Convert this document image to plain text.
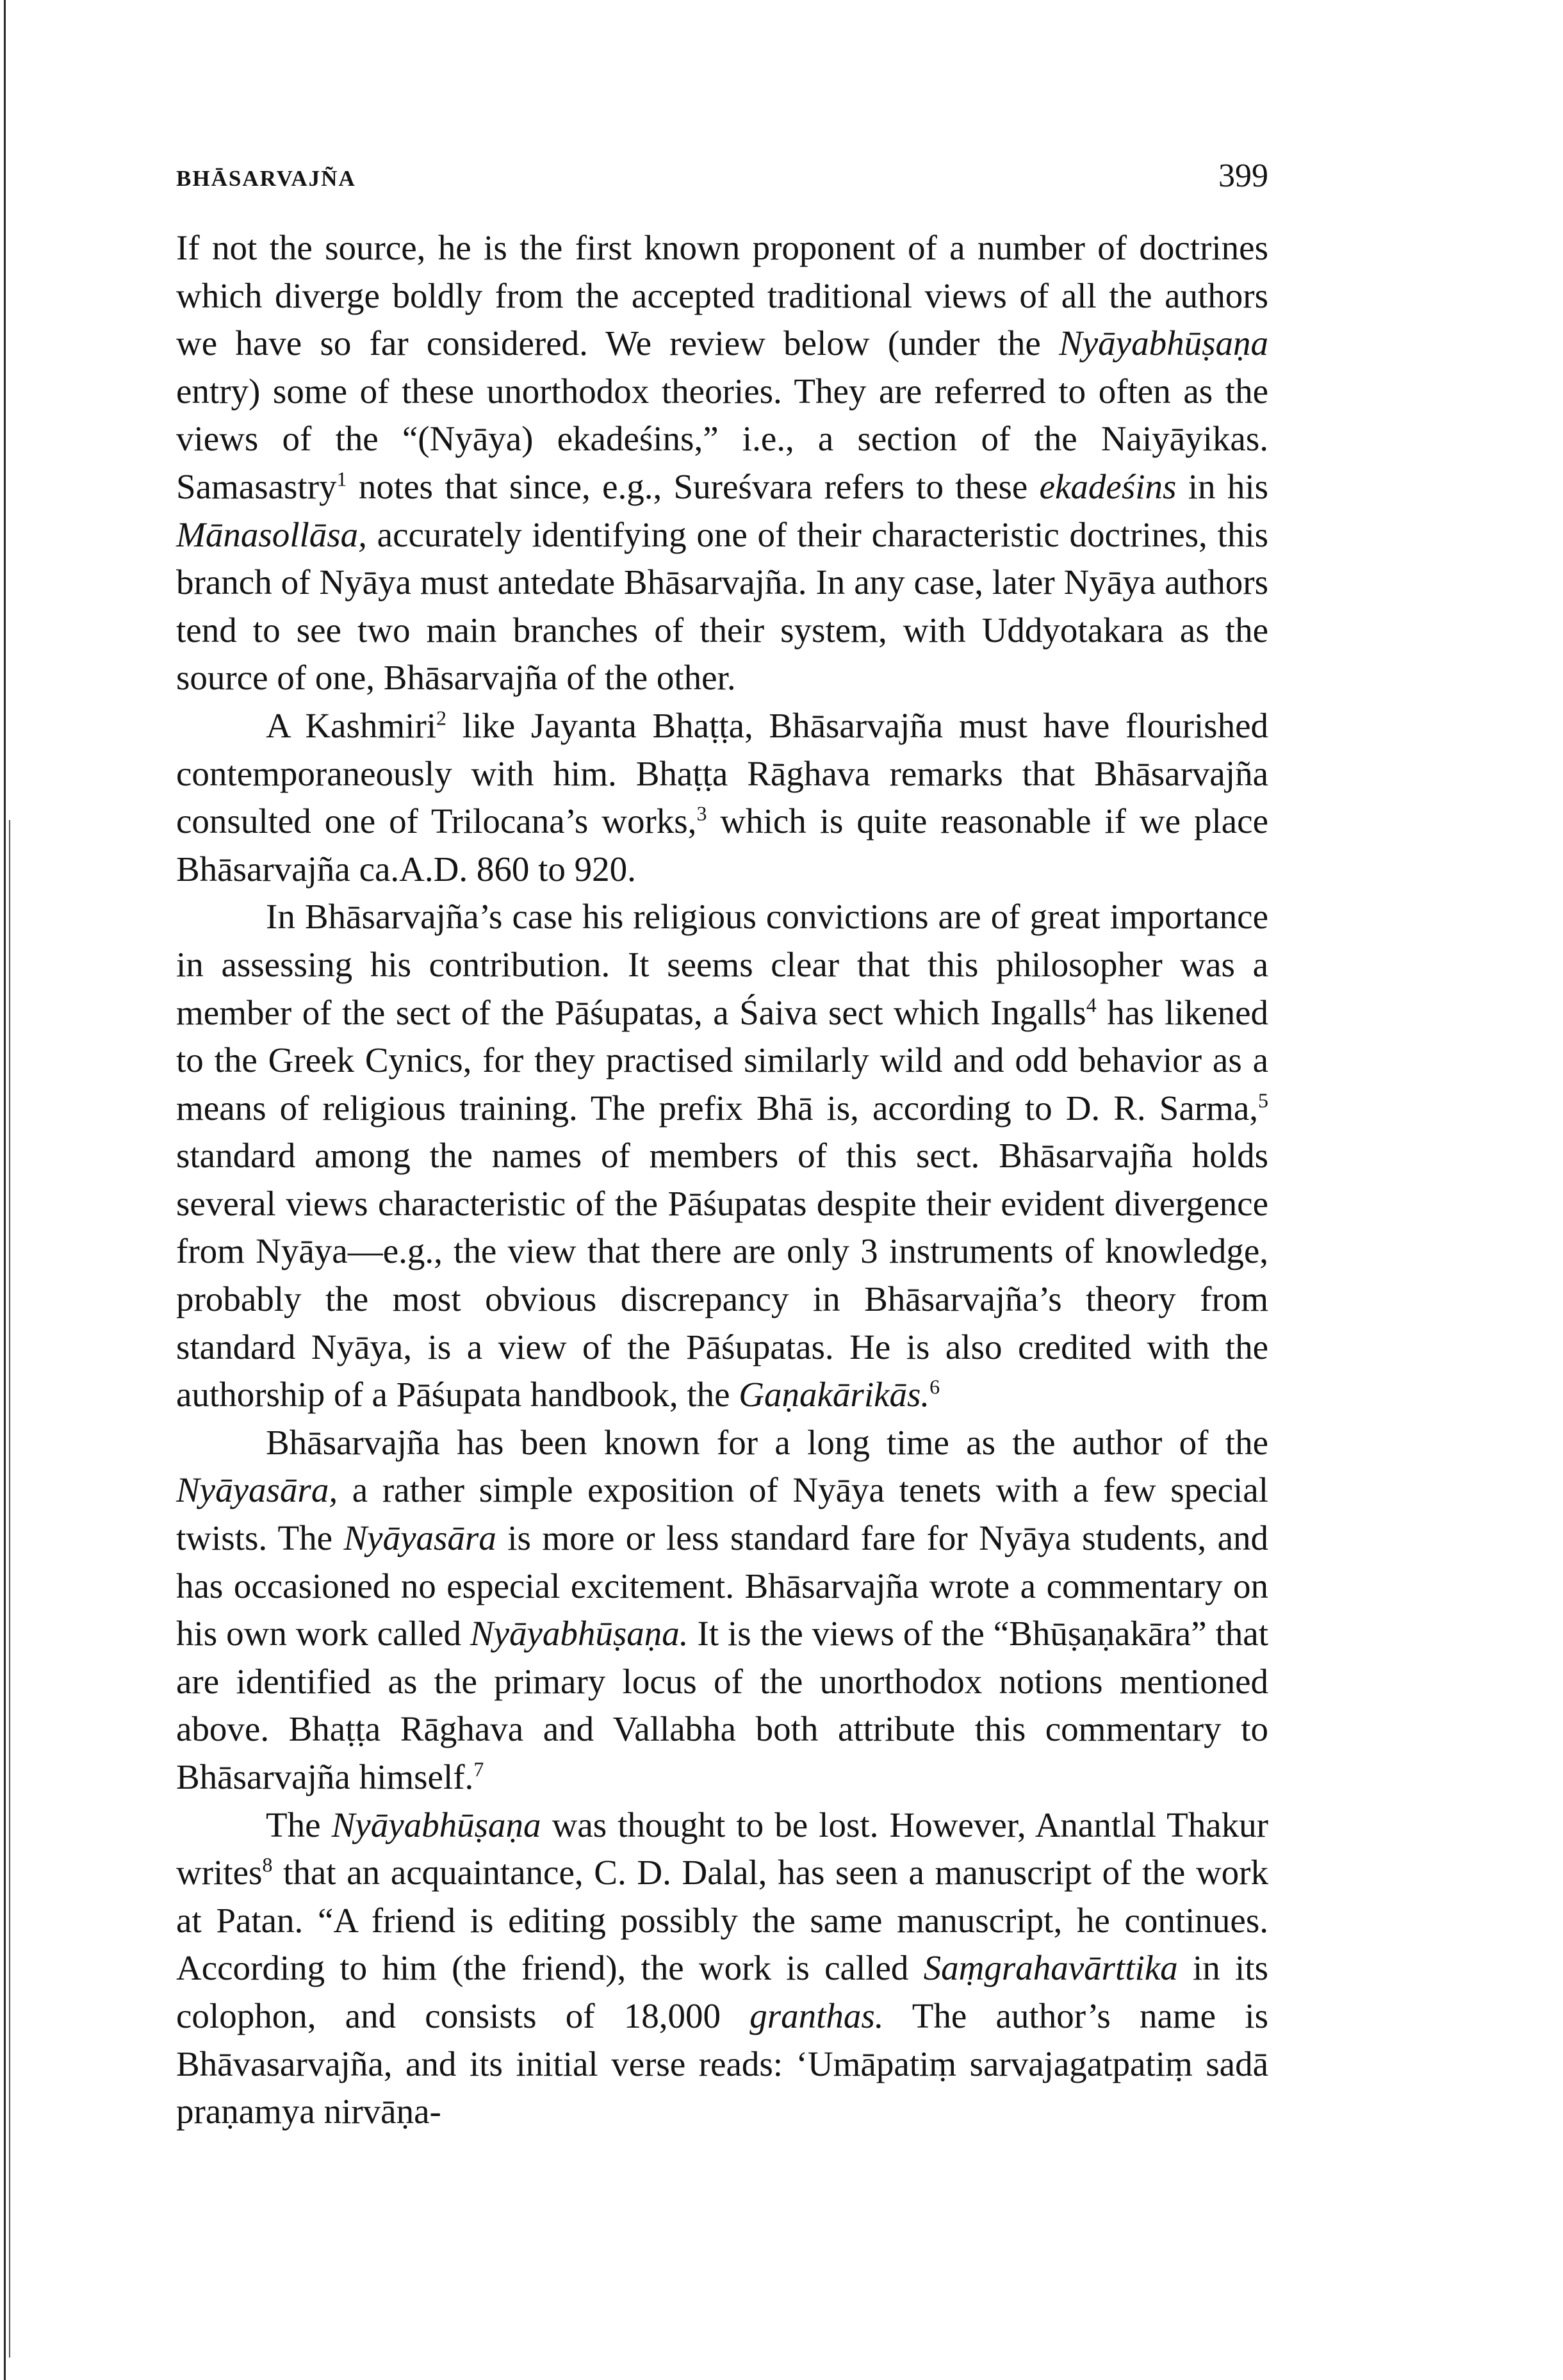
BHĀSARVAJÑA	399

If not the source, he is the first known proponent of a number of doctrines which diverge boldly from the accepted traditional views of all the authors we have so far considered. We review below (under the Nyāyabhūṣaṇa entry) some of these unorthodox theories. They are referred to often as the views of the “(Nyāya) ekadeśins,” i.e., a section of the Naiyāyikas. Samasastry$^1$ notes that since, e.g., Sureśvara refers to these ekadeśins in his Mānasollāsa, accurately identifying one of their characteristic doctrines, this branch of Nyāya must antedate Bhāsarvajña. In any case, later Nyāya authors tend to see two main branches of their system, with Uddyotakara as the source of one, Bhāsarvajña of the other.

A Kashmiri$^2$ like Jayanta Bhaṭṭa, Bhāsarvajña must have flourished contemporaneously with him. Bhaṭṭa Rāghava remarks that Bhāsarvajña consulted one of Trilocana’s works,$^3$ which is quite reasonable if we place Bhāsarvajña ca.A.D. 860 to 920.

In Bhāsarvajña’s case his religious convictions are of great importance in assessing his contribution. It seems clear that this philosopher was a member of the sect of the Pāśupatas, a Śaiva sect which Ingalls$^4$ has likened to the Greek Cynics, for they practised similarly wild and odd behavior as a means of religious training. The prefix Bhā is, according to D. R. Sarma,$^5$ standard among the names of members of this sect. Bhāsarvajña holds several views characteristic of the Pāśupatas despite their evident divergence from Nyāya—e.g., the view that there are only 3 instruments of knowledge, probably the most obvious discrepancy in Bhāsarvajña’s theory from standard Nyāya, is a view of the Pāśupatas. He is also credited with the authorship of a Pāśupata handbook, the Gaṇakārikās.$^6$

Bhāsarvajña has been known for a long time as the author of the Nyāyasāra, a rather simple exposition of Nyāya tenets with a few special twists. The Nyāyasāra is more or less standard fare for Nyāya students, and has occasioned no especial excitement. Bhāsarvajña wrote a commentary on his own work called Nyāyabhūṣaṇa. It is the views of the “Bhūṣaṇakāra” that are identified as the primary locus of the unorthodox notions mentioned above. Bhaṭṭa Rāghava and Vallabha both attribute this commentary to Bhāsarvajña himself.$^7$

The Nyāyabhūṣaṇa was thought to be lost. However, Anantlal Thakur writes$^8$ that an acquaintance, C. D. Dalal, has seen a manuscript of the work at Patan. “A friend is editing possibly the same manuscript, he continues. According to him (the friend), the work is called Saṃgrahavārttika in its colophon, and consists of 18,000 granthas. The author’s name is Bhāvasarvajña, and its initial verse reads: ‘Umāpatiṃ sarvajagatpatiṃ sadā praṇamya nirvāṇa-
